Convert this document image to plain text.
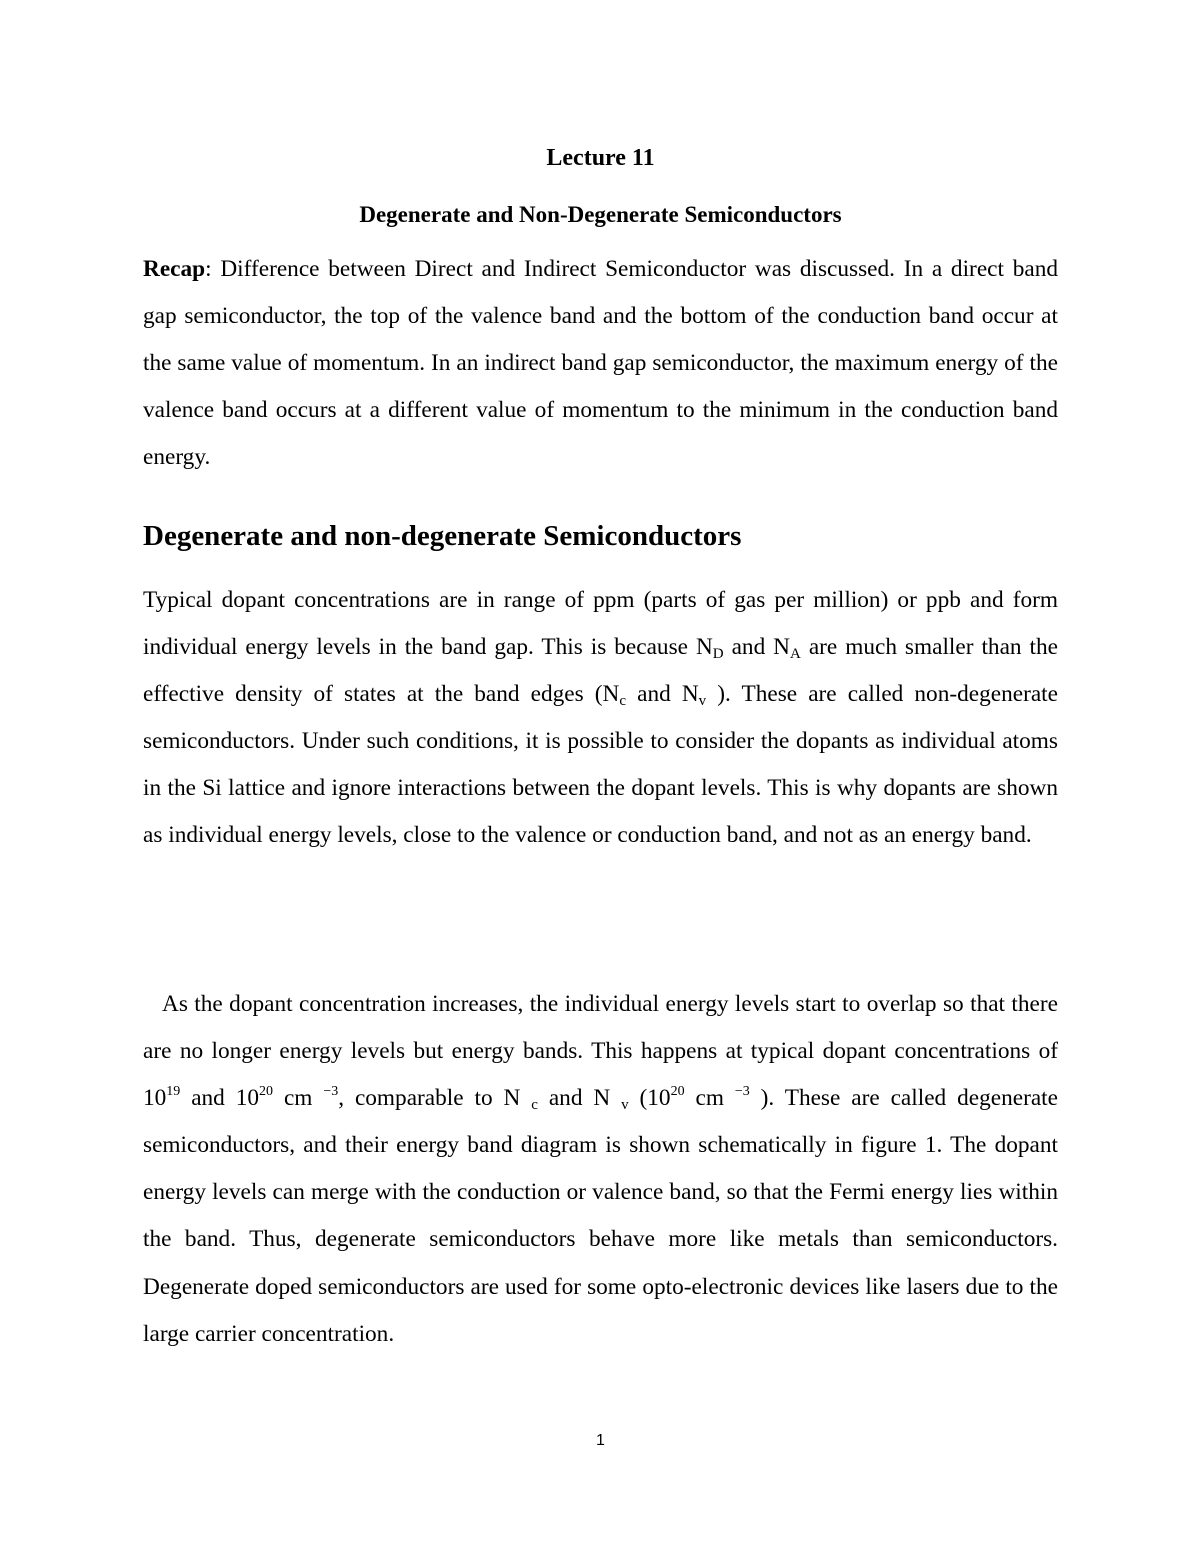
Lecture 11
Degenerate and Non-Degenerate Semiconductors

Recap: Difference between Direct and Indirect Semiconductor was discussed. In a direct band gap semiconductor, the top of the valence band and the bottom of the conduction band occur at the same value of momentum. In an indirect band gap semiconductor, the maximum energy of the valence band occurs at a different value of momentum to the minimum in the conduction band energy.

Degenerate and non-degenerate Semiconductors

Typical dopant concentrations are in range of ppm (parts of gas per million) or ppb and form individual energy levels in the band gap. This is because $N_D$ and $N_A$ are much smaller than the effective density of states at the band edges ($N_c$ and $N_v$ ). These are called non-degenerate semiconductors. Under such conditions, it is possible to consider the dopants as individual atoms in the Si lattice and ignore interactions between the dopant levels. This is why dopants are shown as individual energy levels, close to the valence or conduction band, and not as an energy band.

As the dopant concentration increases, the individual energy levels start to overlap so that there are no longer energy levels but energy bands. This happens at typical dopant concentrations of $10^{19}$ and $10^{20}$ cm $^{-3}$, comparable to N $_c$ and N $_v$ ($10^{20}$ cm $^{-3}$ ). These are called degenerate semiconductors, and their energy band diagram is shown schematically in figure 1. The dopant energy levels can merge with the conduction or valence band, so that the Fermi energy lies within the band. Thus, degenerate semiconductors behave more like metals than semiconductors. Degenerate doped semiconductors are used for some opto-electronic devices like lasers due to the large carrier concentration.

1
